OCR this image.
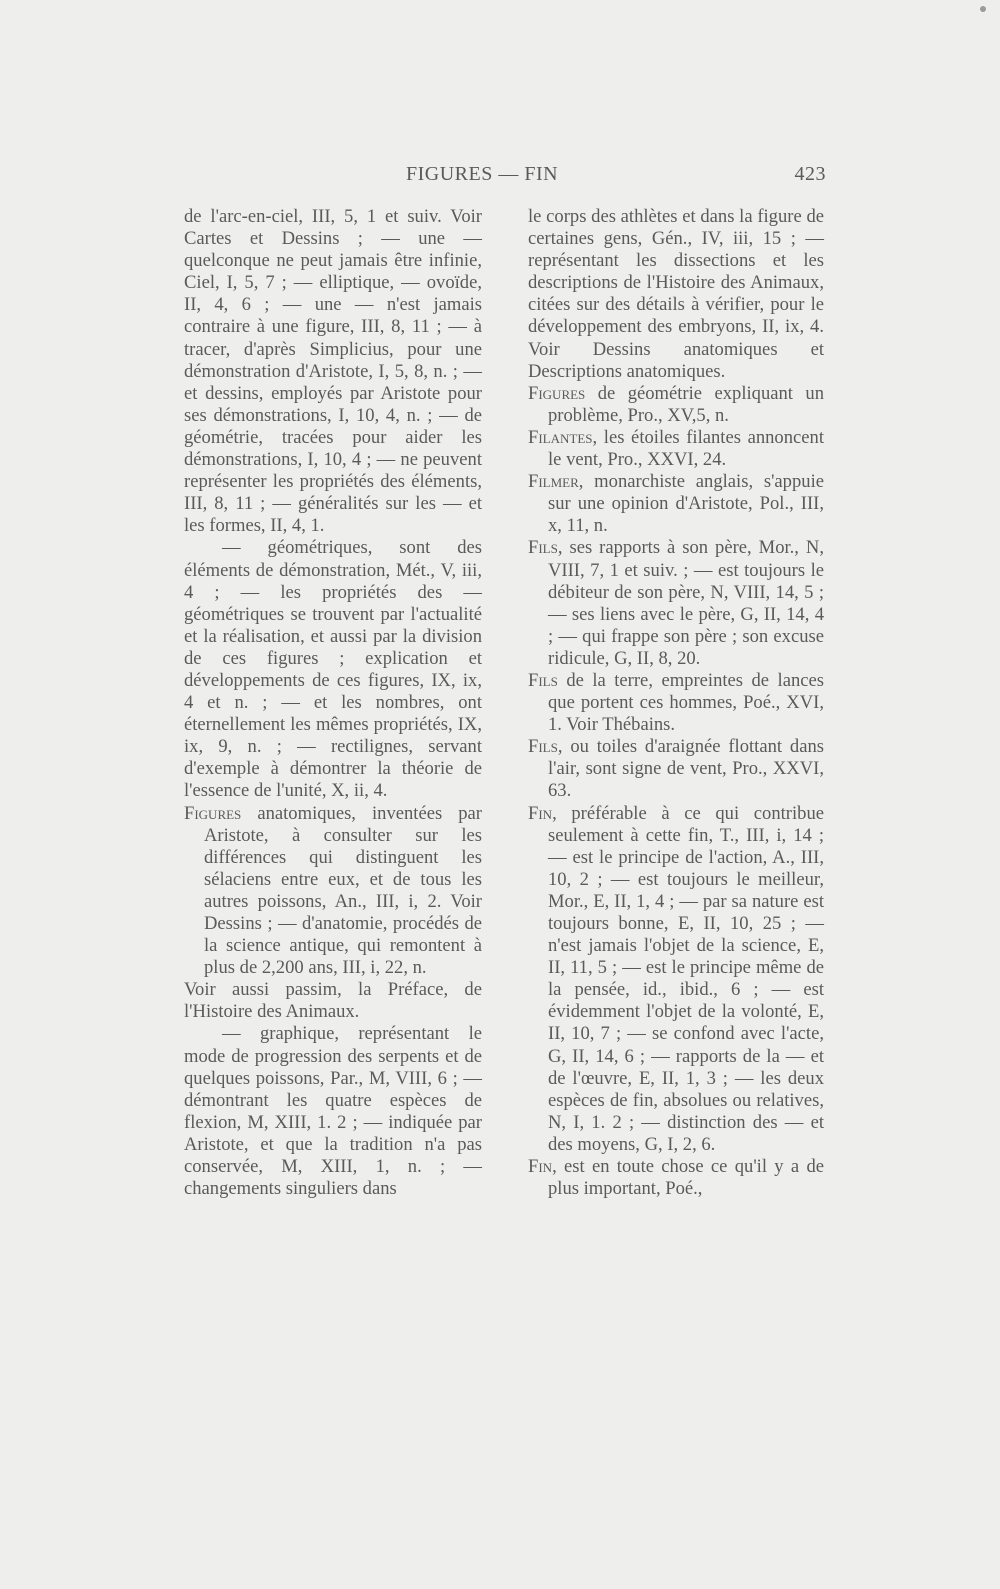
FIGURES — FIN	423

de l'arc-en-ciel, III, 5, 1 et suiv. Voir Cartes et Dessins ; — une — quelconque ne peut jamais être infinie, Ciel, I, 5, 7 ; — elliptique, — ovoïde, II, 4, 6 ; — une — n'est jamais contraire à une figure, III, 8, 11 ; — à tracer, d'après Simplicius, pour une démonstration d'Aristote, I, 5, 8, n. ; — et dessins, employés par Aristote pour ses démonstrations, I, 10, 4, n. ; — de géométrie, tracées pour aider les démonstrations, I, 10, 4 ; — ne peuvent représenter les propriétés des éléments, III, 8, 11 ; — généralités sur les — et les formes, II, 4, 1.

— géométriques, sont des éléments de démonstration, Mét., V, iii, 4 ; — les propriétés des — géométriques se trouvent par l'actualité et la réalisation, et aussi par la division de ces figures ; explication et développements de ces figures, IX, ix, 4 et n. ; — et les nombres, ont éternellement les mêmes propriétés, IX, ix, 9, n. ; — rectilignes, servant d'exemple à démontrer la théorie de l'essence de l'unité, X, ii, 4.

Figures anatomiques, inventées par Aristote, à consulter sur les différences qui distinguent les sélaciens entre eux, et de tous les autres poissons, An., III, i, 2. Voir Dessins ; — d'anatomie, procédés de la science antique, qui remontent à plus de 2,200 ans, III, i, 22, n.

Voir aussi passim, la Préface, de l'Histoire des Animaux.

— graphique, représentant le mode de progression des serpents et de quelques poissons, Par., M, VIII, 6 ; — démontrant les quatre espèces de flexion, M, XIII, 1. 2 ; — indiquée par Aristote, et que la tradition n'a pas conservée, M, XIII, 1, n. ; — changements singuliers dans

le corps des athlètes et dans la figure de certaines gens, Gén., IV, iii, 15 ; — représentant les dissections et les descriptions de l'Histoire des Animaux, citées sur des détails à vérifier, pour le développement des embryons, II, ix, 4. Voir Dessins anatomiques et Descriptions anatomiques.

Figures de géométrie expliquant un problème, Pro., XV,5, n.

Filantes, les étoiles filantes annoncent le vent, Pro., XXVI, 24.

Filmer, monarchiste anglais, s'appuie sur une opinion d'Aristote, Pol., III, x, 11, n.

Fils, ses rapports à son père, Mor., N, VIII, 7, 1 et suiv. ; — est toujours le débiteur de son père, N, VIII, 14, 5 ; — ses liens avec le père, G, II, 14, 4 ; — qui frappe son père ; son excuse ridicule, G, II, 8, 20.

Fils de la terre, empreintes de lances que portent ces hommes, Poé., XVI, 1. Voir Thébains.

Fils, ou toiles d'araignée flottant dans l'air, sont signe de vent, Pro., XXVI, 63.

Fin, préférable à ce qui contribue seulement à cette fin, T., III, i, 14 ; — est le principe de l'action, A., III, 10, 2 ; — est toujours le meilleur, Mor., E, II, 1, 4 ; — par sa nature est toujours bonne, E, II, 10, 25 ; — n'est jamais l'objet de la science, E, II, 11, 5 ; — est le principe même de la pensée, id., ibid., 6 ; — est évidemment l'objet de la volonté, E, II, 10, 7 ; — se confond avec l'acte, G, II, 14, 6 ; — rapports de la — et de l'œuvre, E, II, 1, 3 ; — les deux espèces de fin, absolues ou relatives, N, I, 1. 2 ; — distinction des — et des moyens, G, I, 2, 6.

Fin, est en toute chose ce qu'il y a de plus important, Poé.,
